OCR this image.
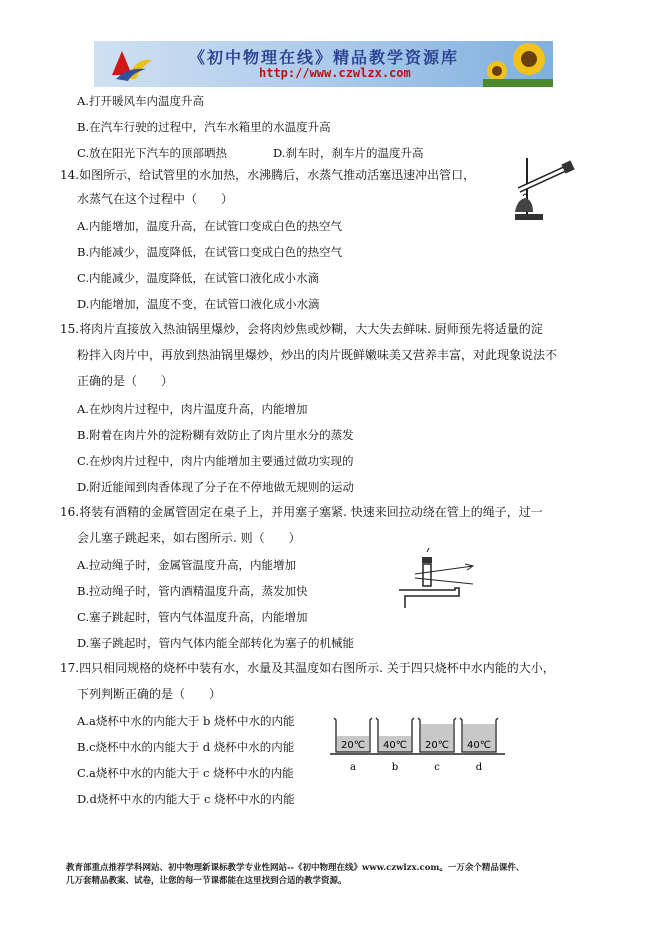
《初中物理在线》精品教学资源库
http://www.czwlzx.com
A.打开暖风车内温度升高
B.在汽车行驶的过程中，汽车水箱里的水温度升高
C.放在阳光下汽车的顶部晒热	D.刹车时，刹车片的温度升高
14.如图所示，给试管里的水加热，水沸腾后，水蒸气推动活塞迅速冲出管口，
水蒸气在这个过程中（　　）
A.内能增加，温度升高，在试管口变成白色的热空气
B.内能减少，温度降低，在试管口变成白色的热空气
C.内能减少，温度降低，在试管口液化成小水滴
D.内能增加，温度不变，在试管口液化成小水滴
15.将肉片直接放入热油锅里爆炒，会将肉炒焦或炒糊，大大失去鲜味. 厨师预先将适量的淀
粉拌入肉片中，再放到热油锅里爆炒，炒出的肉片既鲜嫩味美又营养丰富，对此现象说法不
正确的是（　　）
A.在炒肉片过程中，肉片温度升高，内能增加
B.附着在肉片外的淀粉糊有效防止了肉片里水分的蒸发
C.在炒肉片过程中，肉片内能增加主要通过做功实现的
D.附近能闻到肉香体现了分子在不停地做无规则的运动
16.将装有酒精的金属管固定在桌子上，并用塞子塞紧. 快速来回拉动绕在管上的绳子，过一
会儿塞子跳起来，如右图所示. 则（　　）
A.拉动绳子时，金属管温度升高，内能增加
B.拉动绳子时，管内酒精温度升高，蒸发加快
C.塞子跳起时，管内气体温度升高，内能增加
D.塞子跳起时，管内气体内能全部转化为塞子的机械能
17.四只相同规格的烧杯中装有水，水量及其温度如右图所示. 关于四只烧杯中水内能的大小，
下列判断正确的是（　　）
A.a烧杯中水的内能大于 b 烧杯中水的内能
B.c烧杯中水的内能大于 d 烧杯中水的内能
C.a烧杯中水的内能大于 c 烧杯中水的内能
D.d烧杯中水的内能大于 c 烧杯中水的内能
20℃
a
40℃
b
20℃
c
40℃
d
教育部重点推荐学科网站、初中物理新课标教学专业性网站--《初中物理在线》www.czwlzx.com。一万余个精品课件、
几万套精品教案、试卷，让您的每一节课都能在这里找到合适的教学资源。
